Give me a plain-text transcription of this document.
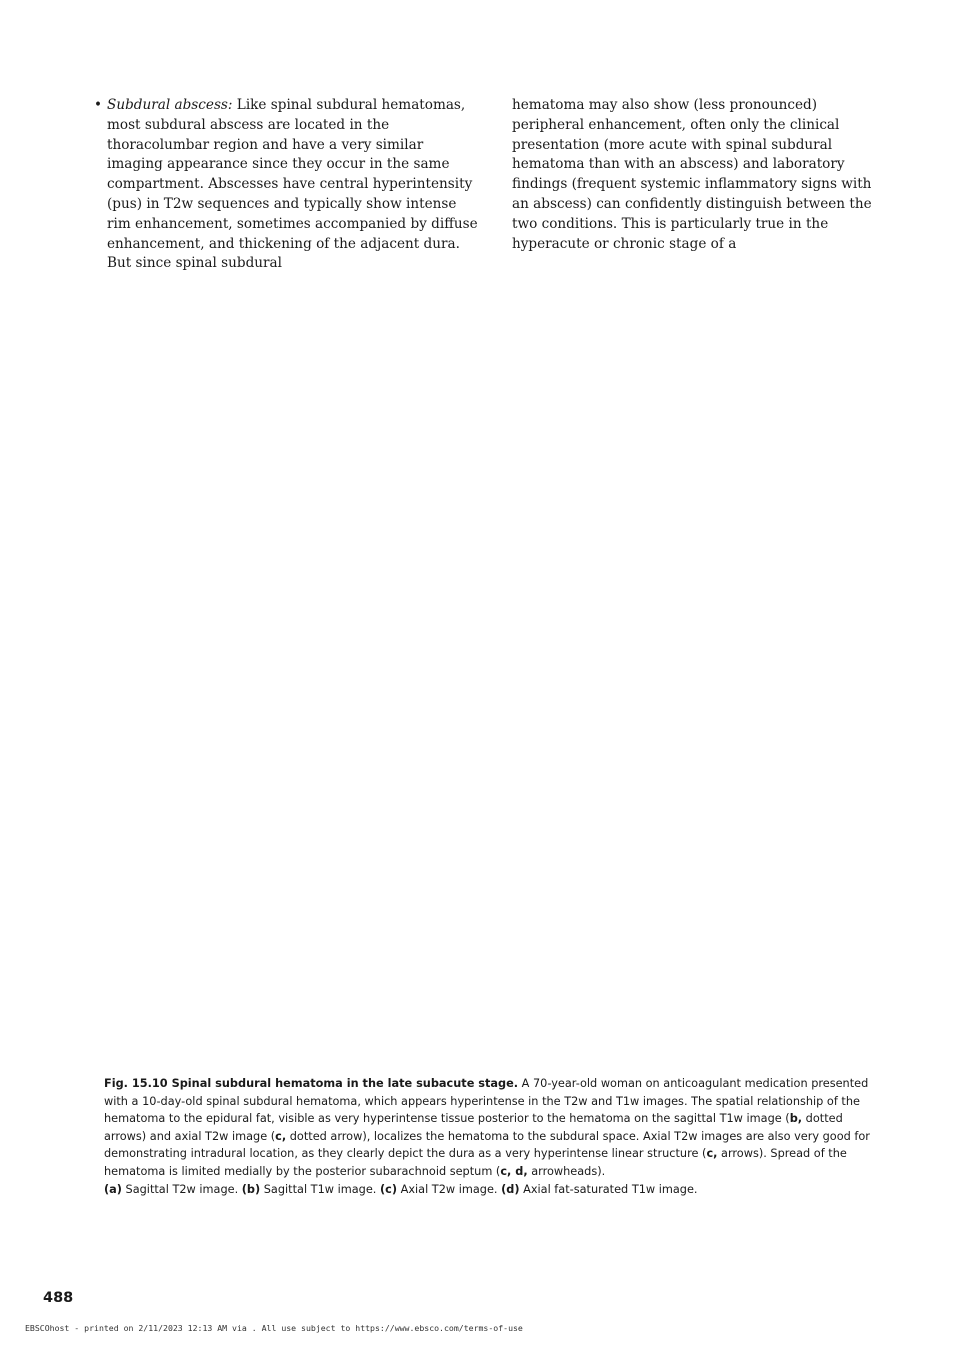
• Subdural abscess: Like spinal subdural hematomas, most subdural abscess are located in the thoracolumbar region and have a very similar imaging appearance since they occur in the same compartment. Abscesses have central hyperintensity (pus) in T2w sequences and typically show intense rim enhancement, sometimes accompanied by diffuse enhancement, and thickening of the adjacent dura. But since spinal subdural
hematoma may also show (less pronounced) peripheral enhancement, often only the clinical presentation (more acute with spinal subdural hematoma than with an abscess) and laboratory findings (frequent systemic inflammatory signs with an abscess) can confidently distinguish between the two conditions. This is particularly true in the hyperacute or chronic stage of a
Fig. 15.10 Spinal subdural hematoma in the late subacute stage. A 70-year-old woman on anticoagulant medication presented with a 10-day-old spinal subdural hematoma, which appears hyperintense in the T2w and T1w images. The spatial relationship of the hematoma to the epidural fat, visible as very hyperintense tissue posterior to the hematoma on the sagittal T1w image (b, dotted arrows) and axial T2w image (c, dotted arrow), localizes the hematoma to the subdural space. Axial T2w images are also very good for demonstrating intradural location, as they clearly depict the dura as a very hyperintense linear structure (c, arrows). Spread of the hematoma is limited medially by the posterior subarachnoid septum (c, d, arrowheads).
(a) Sagittal T2w image. (b) Sagittal T1w image. (c) Axial T2w image. (d) Axial fat-saturated T1w image.
488
EBSCOhost - printed on 2/11/2023 12:13 AM via . All use subject to https://www.ebsco.com/terms-of-use
